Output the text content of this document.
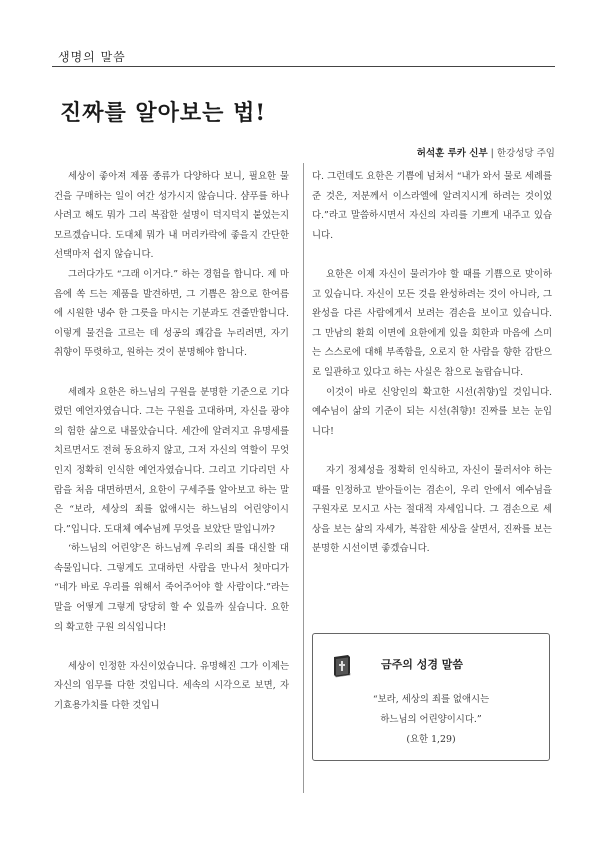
생명의 말씀
진짜를 알아보는 법!
허석훈 루카 신부 | 한강성당 주임

세상이 좋아져 제품 종류가 다양하다 보니, 필요한 물건을 구매하는 일이 여간 성가시지 않습니다. 샴푸를 하나 사려고 해도 뭐가 그리 복잡한 설명이 덕지덕지 붙었는지 모르겠습니다. 도대체 뭐가 내 머리카락에 좋을지 간단한 선택마저 쉽지 않습니다.

그러다가도 “그래 이거다.” 하는 경험을 합니다. 제 마음에 쏙 드는 제품을 발견하면, 그 기쁨은 참으로 한여름에 시원한 냉수 한 그릇을 마시는 기분과도 견줄만합니다. 이렇게 물건을 고르는 데 성공의 쾌감을 누리려면, 자기 취향이 뚜렷하고, 원하는 것이 분명해야 합니다.

세례자 요한은 하느님의 구원을 분명한 기준으로 기다렸던 예언자였습니다. 그는 구원을 고대하며, 자신을 광야의 험한 삶으로 내몰았습니다. 세간에 알려지고 유명세를 치르면서도 전혀 동요하지 않고, 그저 자신의 역할이 무엇인지 정확히 인식한 예언자였습니다. 그리고 기다리던 사람을 처음 대면하면서, 요한이 구세주를 알아보고 하는 말은 “보라, 세상의 죄를 없애시는 하느님의 어린양이시다.”입니다. 도대체 예수님께 무엇을 보았단 말입니까?

‘하느님의 어린양’은 하느님께 우리의 죄를 대신할 대속물입니다. 그렇게도 고대하던 사람을 만나서 첫마디가 “네가 바로 우리를 위해서 죽어주어야 할 사람이다.”라는 말을 어떻게 그렇게 당당히 할 수 있을까 싶습니다. 요한의 확고한 구원 의식입니다!

세상이 인정한 자신이었습니다. 유명해진 그가 이제는 자신의 임무를 다한 것입니다. 세속의 시각으로 보면, 자기효용가치를 다한 것입니

다. 그런데도 요한은 기쁨에 넘쳐서 “내가 와서 물로 세례를 준 것은, 저분께서 이스라엘에 알려지시게 하려는 것이었다.”라고 말씀하시면서 자신의 자리를 기쁘게 내주고 있습니다.

요한은 이제 자신이 물러가야 할 때를 기쁨으로 맞이하고 있습니다. 자신이 모든 것을 완성하려는 것이 아니라, 그 완성을 다른 사람에게서 보려는 겸손을 보이고 있습니다. 그 만남의 환희 이면에 요한에게 있을 회한과 마음에 스미는 스스로에 대해 부족함을, 오로지 한 사람을 향한 감탄으로 일관하고 있다고 하는 사실은 참으로 놀랍습니다.

이것이 바로 신앙인의 확고한 시선(취향)일 것입니다. 예수님이 삶의 기준이 되는 시선(취향)! 진짜를 보는 눈입니다!

자기 정체성을 정확히 인식하고, 자신이 물러서야 하는 때를 인정하고 받아들이는 겸손이, 우리 안에서 예수님을 구원자로 모시고 사는 절대적 자세입니다. 그 겸손으로 세상을 보는 삶의 자세가, 복잡한 세상을 살면서, 진짜를 보는 분명한 시선이면 좋겠습니다.

금주의 성경 말씀
“보라, 세상의 죄를 없애시는
하느님의 어린양이시다.”
(요한 1,29)
